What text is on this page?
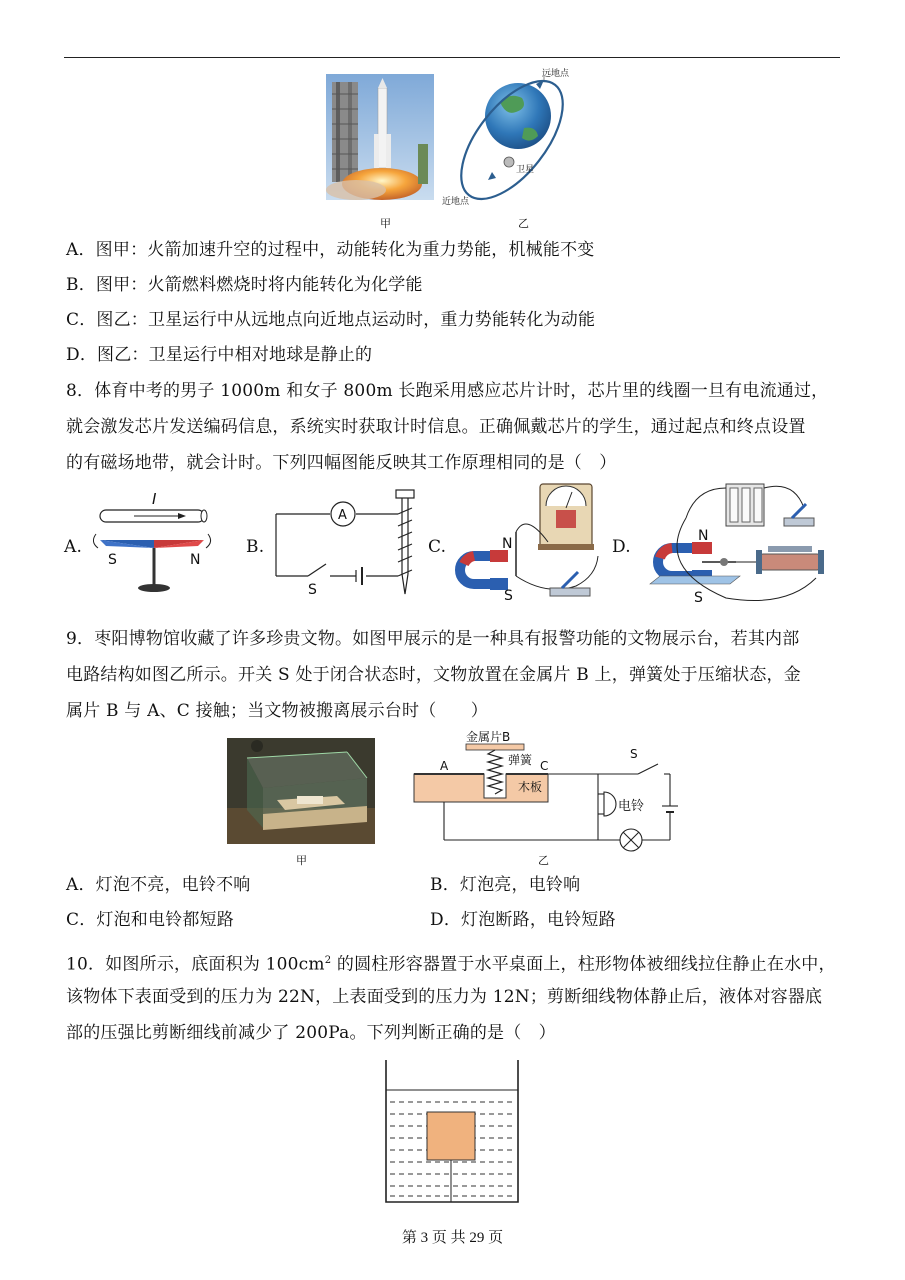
远地点
卫星
近地点
甲	乙
A．图甲：火箭加速升空的过程中，动能转化为重力势能，机械能不变
B．图甲：火箭燃料燃烧时将内能转化为化学能
C．图乙：卫星运行中从远地点向近地点运动时，重力势能转化为动能
D．图乙：卫星运行中相对地球是静止的
8．体育中考的男子 1000m 和女子 800m 长跑采用感应芯片计时，芯片里的线圈一旦有电流通过，
就会激发芯片发送编码信息，系统实时获取计时信息。正确佩戴芯片的学生，通过起点和终点设置
的有磁场地带，就会计时。下列四幅图能反映其工作原理相同的是（　）
A.	B.	C.	D.
I
S	N
A
S
N
S
N
S
9．枣阳博物馆收藏了许多珍贵文物。如图甲展示的是一种具有报警功能的文物展示台，若其内部
电路结构如图乙所示。开关 S 处于闭合状态时，文物放置在金属片 B 上，弹簧处于压缩状态，金
属片 B 与 A、C 接触；当文物被搬离展示台时（　　）
金属片B
弹簧
A	C
木板
电铃
S
甲	乙
A．灯泡不亮，电铃不响	B．灯泡亮，电铃响
C．灯泡和电铃都短路	D．灯泡断路，电铃短路
10．如图所示，底面积为 $100cm^2$ 的圆柱形容器置于水平桌面上，柱形物体被细线拉住静止在水中，
该物体下表面受到的压力为 22N，上表面受到的压力为 12N；剪断细线物体静止后，液体对容器底
部的压强比剪断细线前减少了 200Pa。下列判断正确的是（　）
第 3 页 共 29 页
